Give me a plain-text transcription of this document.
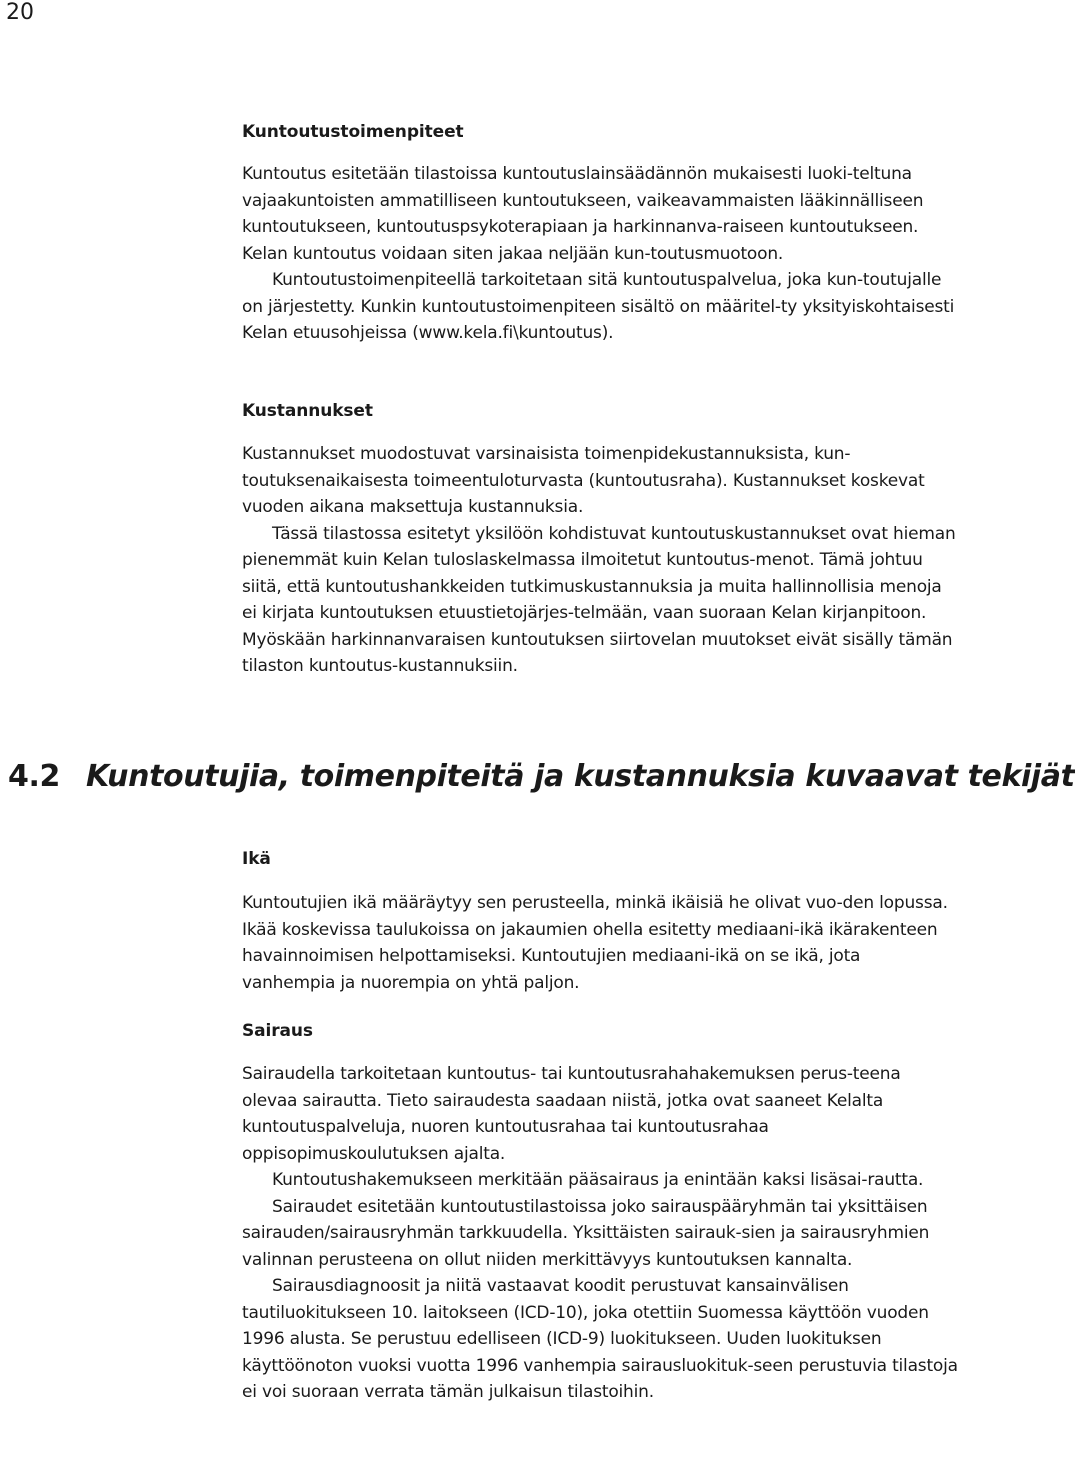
20
Kuntoutustoimenpiteet

Kuntoutus esitetään tilastoissa kuntoutuslainsäädännön mukaisesti luoki-teltuna vajaakuntoisten ammatilliseen kuntoutukseen, vaikeavammaisten lääkinnälliseen kuntoutukseen, kuntoutuspsykoterapiaan ja harkinnanva-raiseen kuntoutukseen. Kelan kuntoutus voidaan siten jakaa neljään kun-toutusmuotoon.

Kuntoutustoimenpiteellä tarkoitetaan sitä kuntoutuspalvelua, joka kun-toutujalle on järjestetty. Kunkin kuntoutustoimenpiteen sisältö on määritel-ty yksityiskohtaisesti Kelan etuusohjeissa (www.kela.fi\kuntoutus).

Kustannukset

Kustannukset muodostuvat varsinaisista toimenpidekustannuksista, kun-toutuksenaikaisesta toimeentuloturvasta (kuntoutusraha). Kustannukset koskevat vuoden aikana maksettuja kustannuksia.

Tässä tilastossa esitetyt yksilöön kohdistuvat kuntoutuskustannukset ovat hieman pienemmät kuin Kelan tuloslaskelmassa ilmoitetut kuntoutus-menot. Tämä johtuu siitä, että kuntoutushankkeiden tutkimuskustannuksia ja muita hallinnollisia menoja ei kirjata kuntoutuksen etuustietojärjes-telmään, vaan suoraan Kelan kirjanpitoon. Myöskään harkinnanvaraisen kuntoutuksen siirtovelan muutokset eivät sisälly tämän tilaston kuntoutus-kustannuksiin.

4.2 Kuntoutujia, toimenpiteitä ja kustannuksia kuvaavat tekijät
Ikä

Kuntoutujien ikä määräytyy sen perusteella, minkä ikäisiä he olivat vuo-den lopussa. Ikää koskevissa taulukoissa on jakaumien ohella esitetty mediaani-ikä ikärakenteen havainnoimisen helpottamiseksi. Kuntoutujien mediaani-ikä on se ikä, jota vanhempia ja nuorempia on yhtä paljon.

Sairaus

Sairaudella tarkoitetaan kuntoutus- tai kuntoutusrahahakemuksen perus-teena olevaa sairautta. Tieto sairaudesta saadaan niistä, jotka ovat saaneet Kelalta kuntoutuspalveluja, nuoren kuntoutusrahaa tai kuntoutusrahaa oppisopimuskoulutuksen ajalta.

Kuntoutushakemukseen merkitään pääsairaus ja enintään kaksi lisäsai-rautta.

Sairaudet esitetään kuntoutustilastoissa joko sairauspääryhmän tai yksittäisen sairauden/sairausryhmän tarkkuudella. Yksittäisten sairauk-sien ja sairausryhmien valinnan perusteena on ollut niiden merkittävyys kuntoutuksen kannalta.

Sairausdiagnoosit ja niitä vastaavat koodit perustuvat kansainvälisen tautiluokitukseen 10. laitokseen (ICD-10), joka otettiin Suomessa käyttöön vuoden 1996 alusta. Se perustuu edelliseen (ICD-9) luokitukseen. Uuden luokituksen käyttöönoton vuoksi vuotta 1996 vanhempia sairausluokituk-seen perustuvia tilastoja ei voi suoraan verrata tämän julkaisun tilastoihin.
